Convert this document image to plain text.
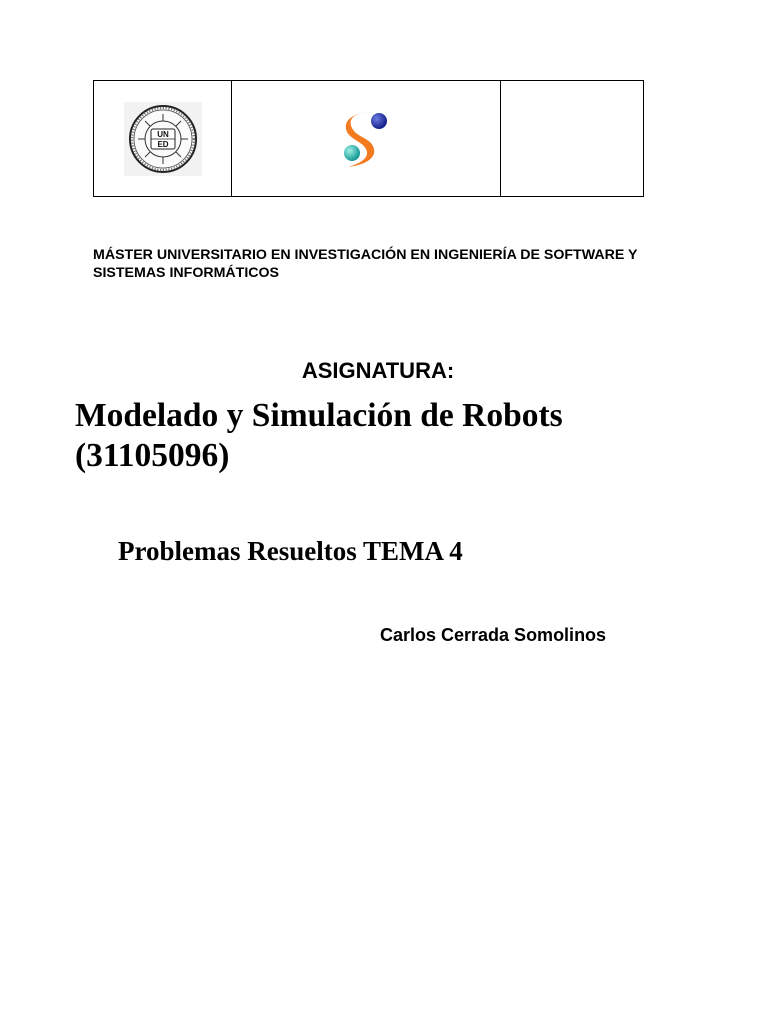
UN
ED

MÁSTER UNIVERSITARIO EN INVESTIGACIÓN EN INGENIERÍA DE SOFTWARE Y SISTEMAS INFORMÁTICOS

ASIGNATURA:

Modelado y Simulación de Robots
(31105096)

Problemas Resueltos TEMA 4

Carlos Cerrada Somolinos
